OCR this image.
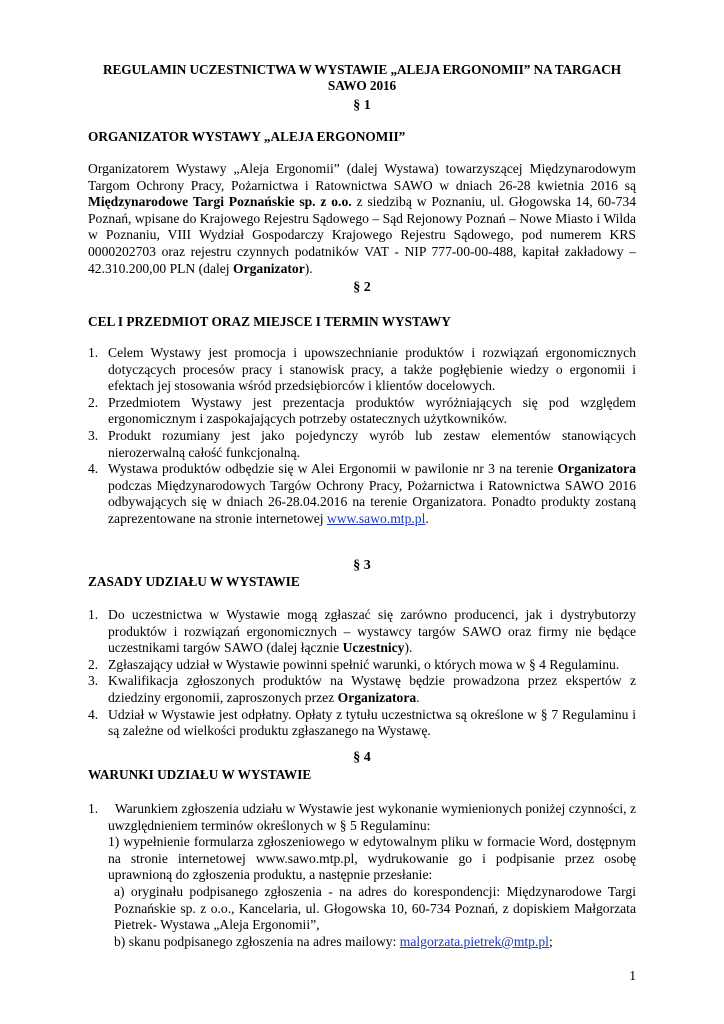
REGULAMIN UCZESTNICTWA W WYSTAWIE „ALEJA ERGONOMII” NA TARGACH SAWO 2016
§ 1
ORGANIZATOR WYSTAWY „ALEJA ERGONOMII”
Organizatorem Wystawy „Aleja Ergonomii” (dalej Wystawa) towarzyszącej Międzynarodowym Targom Ochrony Pracy, Pożarnictwa i Ratownictwa SAWO w dniach 26-28 kwietnia 2016 są Międzynarodowe Targi Poznańskie sp. z o.o. z siedzibą w Poznaniu, ul. Głogowska 14, 60-734 Poznań, wpisane do Krajowego Rejestru Sądowego – Sąd Rejonowy Poznań – Nowe Miasto i Wilda w Poznaniu, VIII Wydział Gospodarczy Krajowego Rejestru Sądowego, pod numerem KRS 0000202703 oraz rejestru czynnych podatników VAT - NIP 777-00-00-488, kapitał zakładowy – 42.310.200,00 PLN (dalej Organizator).
§ 2
CEL I PRZEDMIOT ORAZ MIEJSCE I TERMIN WYSTAWY
1. Celem Wystawy jest promocja i upowszechnianie produktów i rozwiązań ergonomicznych dotyczących procesów pracy i stanowisk pracy, a także pogłębienie wiedzy o ergonomii i efektach jej stosowania wśród przedsiębiorców i klientów docelowych.
2. Przedmiotem Wystawy jest prezentacja produktów wyróżniających się pod względem ergonomicznym i zaspokajających potrzeby ostatecznych użytkowników.
3. Produkt rozumiany jest jako pojedynczy wyrób lub zestaw elementów stanowiących nierozerwalną całość funkcjonalną.
4. Wystawa produktów odbędzie się w Alei Ergonomii w pawilonie nr 3 na terenie Organizatora podczas Międzynarodowych Targów Ochrony Pracy, Pożarnictwa i Ratownictwa SAWO 2016 odbywających się w dniach 26-28.04.2016 na terenie Organizatora. Ponadto produkty zostaną zaprezentowane na stronie internetowej www.sawo.mtp.pl.
§ 3
ZASADY UDZIAŁU W WYSTAWIE
1. Do uczestnictwa w Wystawie mogą zgłaszać się zarówno producenci, jak i dystrybutorzy produktów i rozwiązań ergonomicznych – wystawcy targów SAWO oraz firmy nie będące uczestnikami targów SAWO (dalej łącznie Uczestnicy).
2. Zgłaszający udział w Wystawie powinni spełnić warunki, o których mowa w § 4 Regulaminu.
3. Kwalifikacja zgłoszonych produktów na Wystawę będzie prowadzona przez ekspertów z dziedziny ergonomii, zaproszonych przez Organizatora.
4. Udział w Wystawie jest odpłatny. Opłaty z tytułu uczestnictwa są określone w § 7 Regulaminu i są zależne od wielkości produktu zgłaszanego na Wystawę.
§ 4
WARUNKI UDZIAŁU W WYSTAWIE
1. Warunkiem zgłoszenia udziału w Wystawie jest wykonanie wymienionych poniżej czynności, z uwzględnieniem terminów określonych w § 5 Regulaminu:
1) wypełnienie formularza zgłoszeniowego w edytowalnym pliku w formacie Word, dostępnym na stronie internetowej www.sawo.mtp.pl, wydrukowanie go i podpisanie przez osobę uprawnioną do zgłoszenia produktu, a następnie przesłanie:
a) oryginału podpisanego zgłoszenia - na adres do korespondencji: Międzynarodowe Targi Poznańskie sp. z o.o., Kancelaria, ul. Głogowska 10, 60-734 Poznań, z dopiskiem Małgorzata Pietrek- Wystawa „Aleja Ergonomii”,
b) skanu podpisanego zgłoszenia na adres mailowy: malgorzata.pietrek@mtp.pl;
1
